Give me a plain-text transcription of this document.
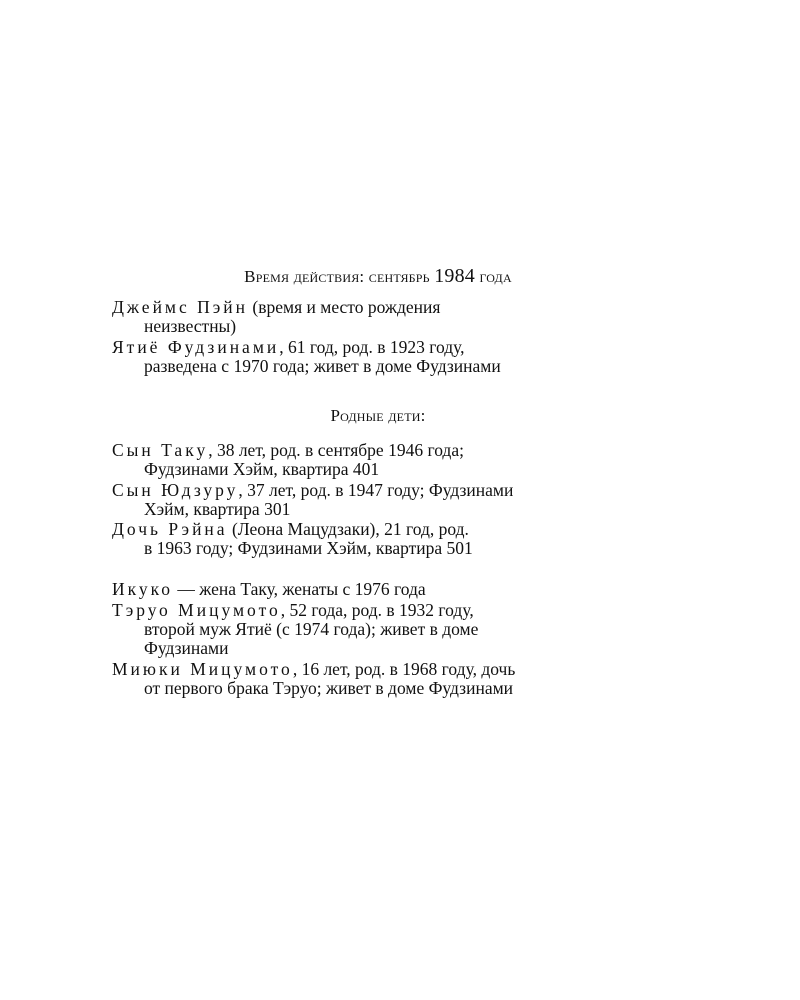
Время действия: сентябрь 1984 года
Джеймс Пэйн (время и место рождения
неизвестны)
Ятиё Фудзинами, 61 год, род. в 1923 году,
разведена с 1970 года; живет в доме Фудзинами
Родные дети:
Сын Таку, 38 лет, род. в сентябре 1946 года;
Фудзинами Хэйм, квартира 401
Сын Юдзуру, 37 лет, род. в 1947 году; Фудзинами
Хэйм, квартира 301
Дочь Рэйна (Леона Мацудзаки), 21 год, род.
в 1963 году; Фудзинами Хэйм, квартира 501
Икуко — жена Таку, женаты с 1976 года
Тэруо Мицумото, 52 года, род. в 1932 году,
второй муж Ятиё (с 1974 года); живет в доме
Фудзинами
Миюки Мицумото, 16 лет, род. в 1968 году, дочь
от первого брака Тэруо; живет в доме Фудзинами
